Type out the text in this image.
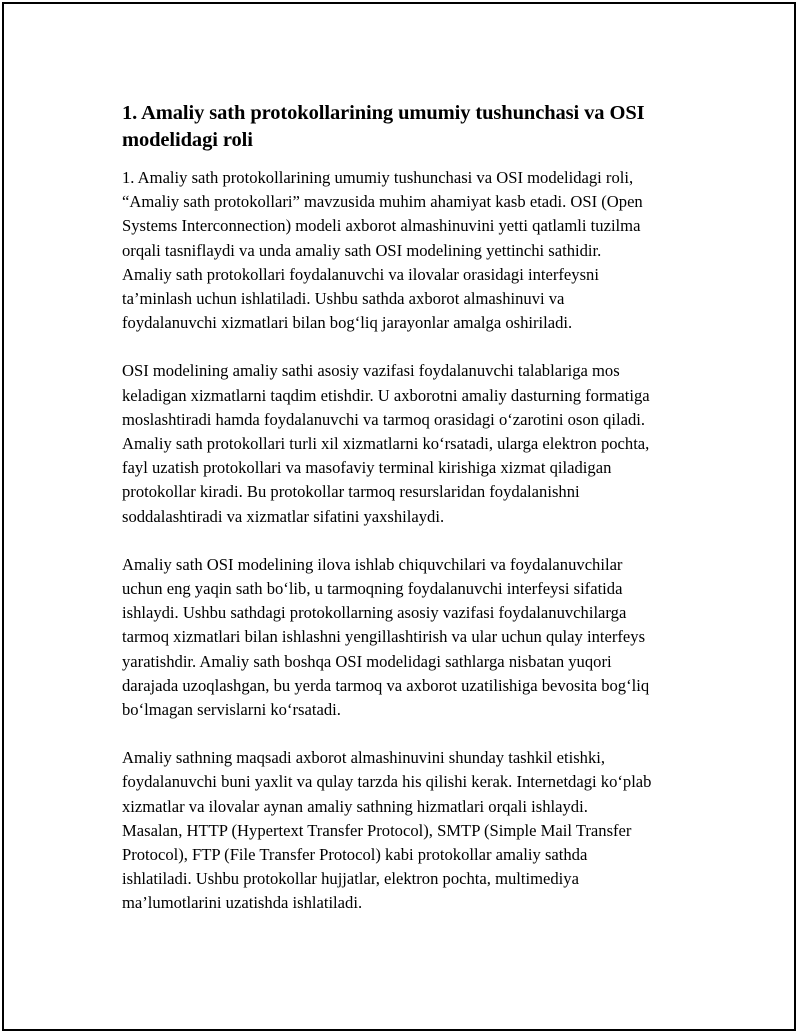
1. Amaliy sath protokollarining umumiy tushunchasi va OSI modelidagi roli

1. Amaliy sath protokollarining umumiy tushunchasi va OSI modelidagi roli, “Amaliy sath protokollari” mavzusida muhim ahamiyat kasb etadi. OSI (Open Systems Interconnection) modeli axborot almashinuvini yetti qatlamli tuzilma orqali tasniflaydi va unda amaliy sath OSI modelining yettinchi sathidir. Amaliy sath protokollari foydalanuvchi va ilovalar orasidagi interfeysni ta’minlash uchun ishlatiladi. Ushbu sathda axborot almashinuvi va foydalanuvchi xizmatlari bilan bog‘liq jarayonlar amalga oshiriladi.

OSI modelining amaliy sathi asosiy vazifasi foydalanuvchi talablariga mos keladigan xizmatlarni taqdim etishdir. U axborotni amaliy dasturning formatiga moslashtiradi hamda foydalanuvchi va tarmoq orasidagi o‘zarotini oson qiladi. Amaliy sath protokollari turli xil xizmatlarni ko‘rsatadi, ularga elektron pochta, fayl uzatish protokollari va masofaviy terminal kirishiga xizmat qiladigan protokollar kiradi. Bu protokollar tarmoq resurslaridan foydalanishni soddalashtiradi va xizmatlar sifatini yaxshilaydi.

Amaliy sath OSI modelining ilova ishlab chiquvchilari va foydalanuvchilar uchun eng yaqin sath bo‘lib, u tarmoqning foydalanuvchi interfeysi sifatida ishlaydi. Ushbu sathdagi protokollarning asosiy vazifasi foydalanuvchilarga tarmoq xizmatlari bilan ishlashni yengillashtirish va ular uchun qulay interfeys yaratishdir. Amaliy sath boshqa OSI modelidagi sathlarga nisbatan yuqori darajada uzoqlashgan, bu yerda tarmoq va axborot uzatilishiga bevosita bog‘liq bo‘lmagan servislarni ko‘rsatadi.

Amaliy sathning maqsadi axborot almashinuvini shunday tashkil etishki, foydalanuvchi buni yaxlit va qulay tarzda his qilishi kerak. Internetdagi ko‘plab xizmatlar va ilovalar aynan amaliy sathning hizmatlari orqali ishlaydi. Masalan, HTTP (Hypertext Transfer Protocol), SMTP (Simple Mail Transfer Protocol), FTP (File Transfer Protocol) kabi protokollar amaliy sathda ishlatiladi. Ushbu protokollar hujjatlar, elektron pochta, multimediya ma’lumotlarini uzatishda ishlatiladi.
